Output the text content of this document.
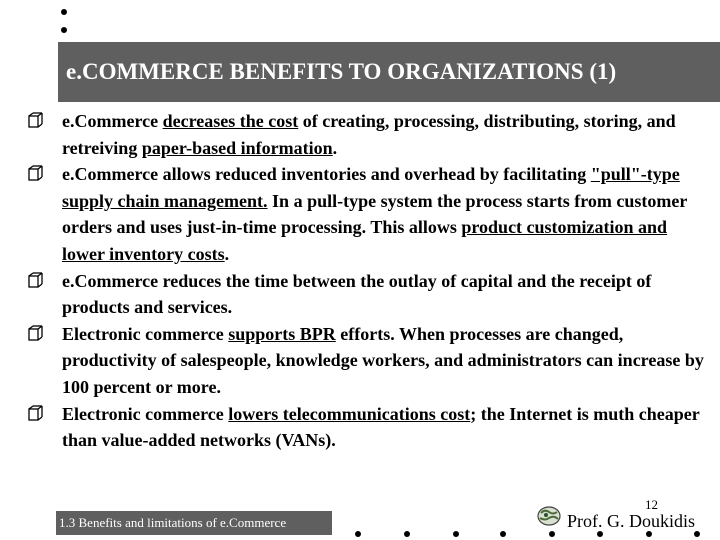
e.COMMERCE BENEFITS TO ORGANIZATIONS (1)
e.Commerce decreases the cost of creating, processing, distributing, storing, and retreiving paper-based information.
e.Commerce allows reduced inventories and overhead by facilitating "pull"-type supply chain management. In a pull-type system the process starts from customer orders and uses just-in-time processing. This allows product customization and lower inventory costs.
e.Commerce reduces the time between the outlay of capital and the receipt of products and services.
Electronic commerce supports BPR efforts. When processes are changed, productivity of salespeople, knowledge workers, and administrators can increase by 100 percent or more.
Electronic commerce lowers telecommunications cost; the Internet is muth cheaper than value-added networks (VANs).
1.3 Benefits and limitations of e.Commerce
12
Prof. G. Doukidis
